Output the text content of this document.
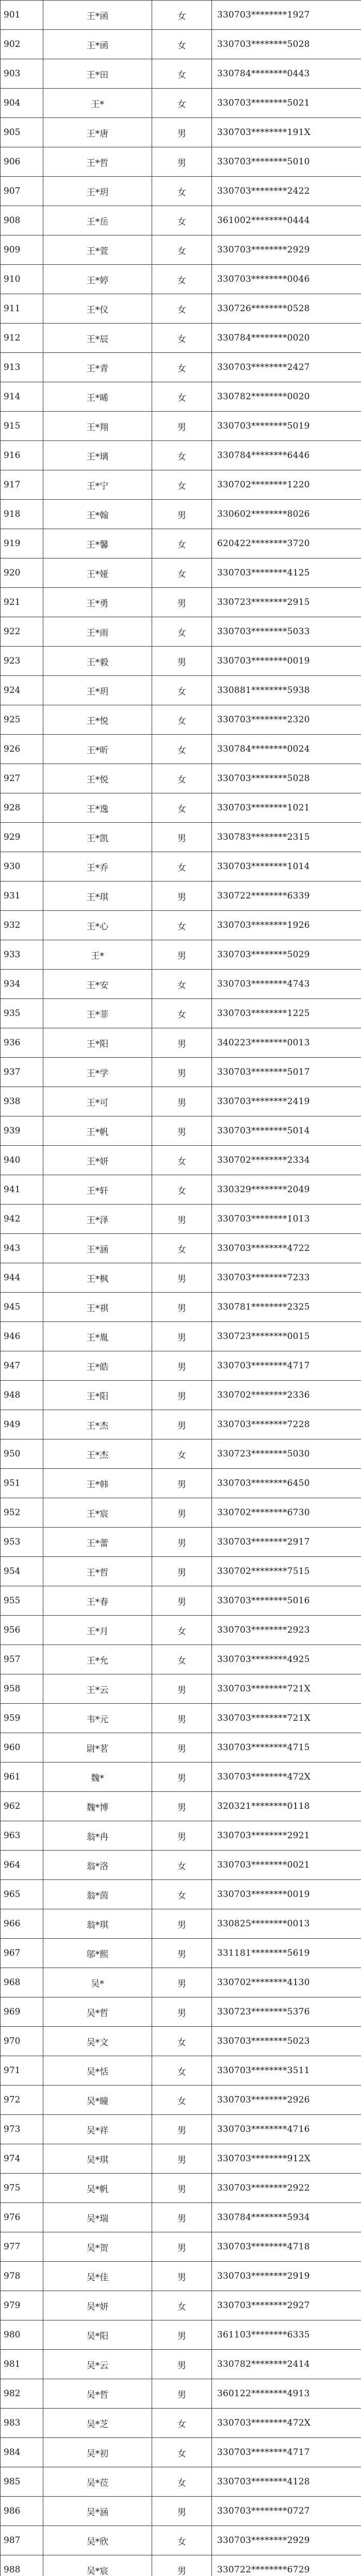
901	王*函	女	330703********1927
902	王*函	女	330703********5028
903	王*田	女	330784********0443
904	王*	女	330703********5021
905	王*唐	男	330703********191X
906	王*哲	男	330703********5010
907	王*玥	女	330703********2422
908	王*岳	女	361002********0444
909	王*萱	女	330703********2929
910	王*婷	女	330703********0046
911	王*仪	女	330726********0528
912	王*辰	女	330784********0020
913	王*青	女	330703********2427
914	王*晞	女	330782********0020
915	王*翔	男	330703********5019
916	王*璃	女	330784********6446
917	王*宁	女	330702********1220
918	王*翰	男	330602********8026
919	王*馨	女	620422********3720
920	王*娅	女	330703********4125
921	王*勇	男	330723********2915
922	王*雨	女	330703********5033
923	王*毅	男	330703********0019
924	王*玥	女	330881********5938
925	王*悦	女	330703********2320
926	王*昕	女	330784********0024
927	王*悦	女	330703********5028
928	王*逸	女	330703********1021
929	王*凯	男	330783********2315
930	王*乔	女	330703********1014
931	王*琪	男	330722********6339
932	王*心	女	330703********1926
933	王*	男	330703********5029
934	王*安	女	330703********4743
935	王*菲	女	330703********1225
936	王*阳	男	340223********0013
937	王*学	男	330703********5017
938	王*可	男	330703********2419
939	王*帆	男	330703********5014
940	王*妍	女	330702********2334
941	王*轩	女	330329********2049
942	王*泽	男	330703********1013
943	王*涵	女	330703********4722
944	王*枫	男	330703********7233
945	王*祺	男	330781********2325
946	王*胤	男	330723********0015
947	王*皓	男	330703********4717
948	王*阳	男	330702********2336
949	王*杰	男	330703********7228
950	王*杰	女	330723********5030
951	王*韩	男	330703********6450
952	王*宸	男	330702********6730
953	王*蕾	男	330703********2917
954	王*哲	男	330702********7515
955	王*春	男	330703********5016
956	王*月	女	330703********2923
957	王*允	女	330703********4925
958	王*云	男	330703********721X
959	韦*元	男	330703********721X
960	尉*茗	男	330703********4715
961	魏*	男	330703********472X
962	魏*博	男	320321********0118
963	翁*冉	男	330703********2921
964	翁*洛	女	330703********0021
965	翁*茵	女	330703********0019
966	翁*琪	男	330825********0013
967	邬*熙	男	331181********5619
968	吴*	男	330702********4130
969	吴*哲	男	330723********5376
970	吴*文	女	330703********5023
971	吴*恬	女	330703********3511
972	吴*瞳	女	330703********2926
973	吴*祥	男	330703********4716
974	吴*琪	男	330703********912X
975	吴*帆	男	330703********2922
976	吴*瑞	男	330784********5934
977	吴*贺	男	330703********4718
978	吴*佳	男	330703********2919
979	吴*妍	女	330703********2927
980	吴*阳	男	361103********6335
981	吴*云	男	330782********2414
982	吴*哲	男	360122********4913
983	吴*芝	女	330703********472X
984	吴*初	女	330703********4717
985	吴*莅	女	330703********4128
986	吴*涵	男	330703********0727
987	吴*欣	女	330703********2929
988	吴*宸	男	330722********6729
